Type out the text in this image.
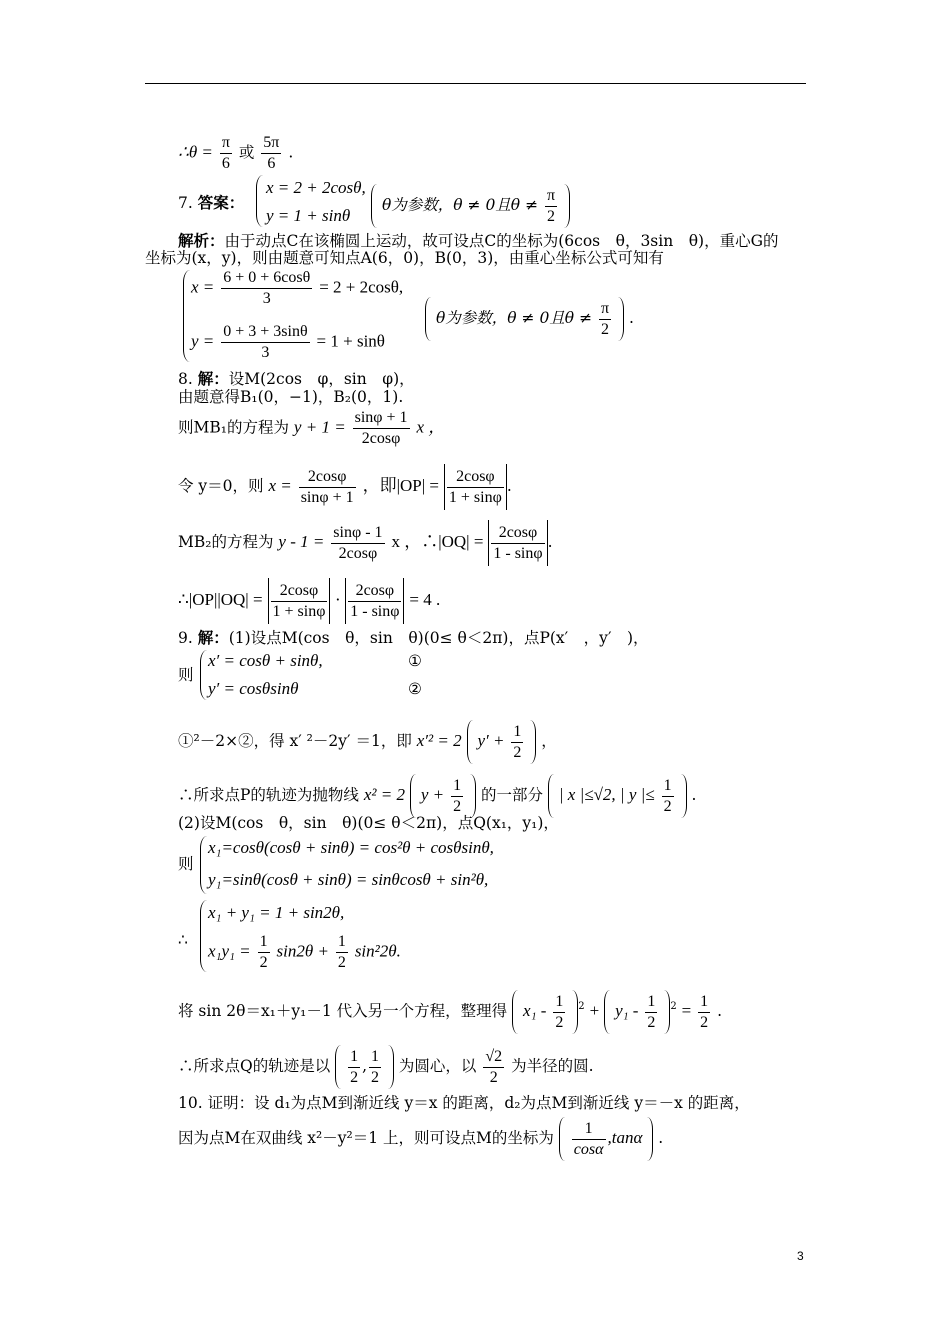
∴θ = $\frac{\pi}{6}$ 或 $\frac{5\pi}{6}$ .
7. 答案：
x = 2 + 2cosθ,
y = 1 + sinθ
θ为参数，θ ≠ 0且$\theta \ne \frac{\pi}{2}$

解析：由于动点C在该椭圆上运动，故可设点C的坐标为(6cos　θ，3sin　θ)，重心G的
坐标为(x，y)，则由题意可知点A(6，0)，B(0，3)，由重心坐标公式可知有
$x = \frac{6 + 0 + 6\cos\theta}{3} = 2 + 2\cos\theta$,
$y = \frac{0 + 3 + 3\sin\theta}{3} = 1 + \sin\theta$
θ为参数，θ ≠ 0且$\theta \ne \frac{\pi}{2}$ .
8. 解：设M(2cos　φ，sin　φ)，
由题意得B₁(0，−1)，B₂(0，1).
则MB₁的方程为 $y + 1 = \frac{\sin\varphi + 1}{2\cos\varphi}$ x ，
令 y＝0，则 $x = \frac{2\cos\varphi}{\sin\varphi + 1}$ ，即$|OP| = \frac{2\cos\varphi}{1 + \sin\varphi}$ .
MB₂的方程为 $y - 1 = \frac{\sin\varphi - 1}{2\cos\varphi}$ x ，∴|OQ| = $\frac{2\cos\varphi}{1 - \sin\varphi}$ .
∴|OP||OQ| = $\frac{2\cos\varphi}{1 + \sin\varphi} \cdot \frac{2\cos\varphi}{1 - \sin\varphi} = 4$ .
9. 解：(1)设点M(cos　θ，sin　θ)(0≤ θ＜2π)，点P(x′　，y′　)，
则
x′ = cosθ + sinθ,	①
y′ = cosθsinθ	②
①²－2×②，得 x′ ²－2y′ ＝1，即 x′² = 2 $y' + \frac{1}{2}$ ，
∴所求点P的轨迹为抛物线 x² = 2 $y + \frac{1}{2}$ 的一部分 | x |≤√2, | y |≤ $\frac{1}{2}$ .
(2)设M(cos　θ，sin　θ)(0≤ θ＜2π)，点Q(x₁，y₁)，
则
x₁=cosθ(cosθ + sinθ) = cos²θ + cosθsinθ,
y₁=sinθ(cosθ + sinθ) = sinθcosθ + sin²θ,
∴
x₁ + y₁ = 1 + sin2θ,
$x_1y_1 = \frac{1}{2} \sin 2\theta + \frac{1}{2} \sin^22\theta$.
将 sin 2θ＝x₁＋y₁－1 代入另一个方程，整理得 $x_1 - \frac{1}{2} ^2 + y_1 - \frac{1}{2} ^2 = \frac{1}{2}$ .
∴所求点Q的轨迹是以 $\frac{1}{2}$ , $\frac{1}{2}$ 为圆心，以 $\frac{√2}{2}$ 为半径的圆.
10. 证明：设 d₁为点M到渐近线 y＝x 的距离，d₂为点M到渐近线 y＝－x 的距离，
因为点M在双曲线 x²－y²＝1 上，则可设点M的坐标为 $\frac{1}{\cos\alpha} ,\tan\alpha$ .
3
